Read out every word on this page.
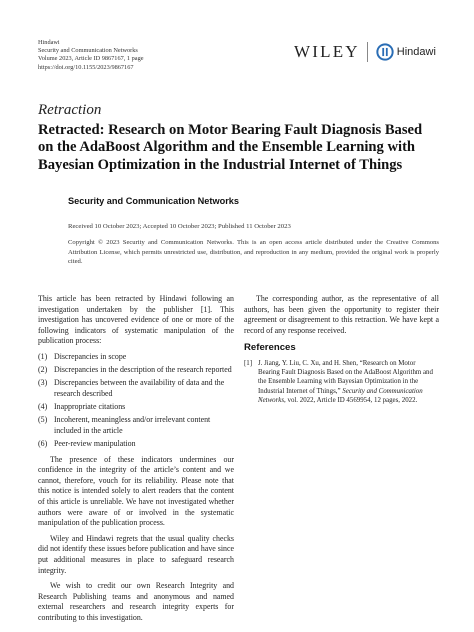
Hindawi
Security and Communication Networks
Volume 2023, Article ID 9867167, 1 page
https://doi.org/10.1155/2023/9867167
WILEY	Hindawi
Retraction
Retracted: Research on Motor Bearing Fault Diagnosis Based on the AdaBoost Algorithm and the Ensemble Learning with Bayesian Optimization in the Industrial Internet of Things
Security and Communication Networks
Received 10 October 2023; Accepted 10 October 2023; Published 11 October 2023
Copyright © 2023 Security and Communication Networks. This is an open access article distributed under the Creative Commons Attribution License, which permits unrestricted use, distribution, and reproduction in any medium, provided the original work is properly cited.

This article has been retracted by Hindawi following an investigation undertaken by the publisher [1]. This investigation has uncovered evidence of one or more of the following indicators of systematic manipulation of the publication process:

(1) Discrepancies in scope
(2) Discrepancies in the description of the research reported
(3) Discrepancies between the availability of data and the research described
(4) Inappropriate citations
(5) Incoherent, meaningless and/or irrelevant content included in the article
(6) Peer-review manipulation

The presence of these indicators undermines our confidence in the integrity of the article’s content and we cannot, therefore, vouch for its reliability. Please note that this notice is intended solely to alert readers that the content of this article is unreliable. We have not investigated whether authors were aware of or involved in the systematic manipulation of the publication process.

Wiley and Hindawi regrets that the usual quality checks did not identify these issues before publication and have since put additional measures in place to safeguard research integrity.

We wish to credit our own Research Integrity and Research Publishing teams and anonymous and named external researchers and research integrity experts for contributing to this investigation.

The corresponding author, as the representative of all authors, has been given the opportunity to register their agreement or disagreement to this retraction. We have kept a record of any response received.

References
[1] J. Jiang, Y. Liu, C. Xu, and H. Shen, “Research on Motor Bearing Fault Diagnosis Based on the AdaBoost Algorithm and the Ensemble Learning with Bayesian Optimization in the Industrial Internet of Things,” Security and Communication Networks, vol. 2022, Article ID 4569954, 12 pages, 2022.
